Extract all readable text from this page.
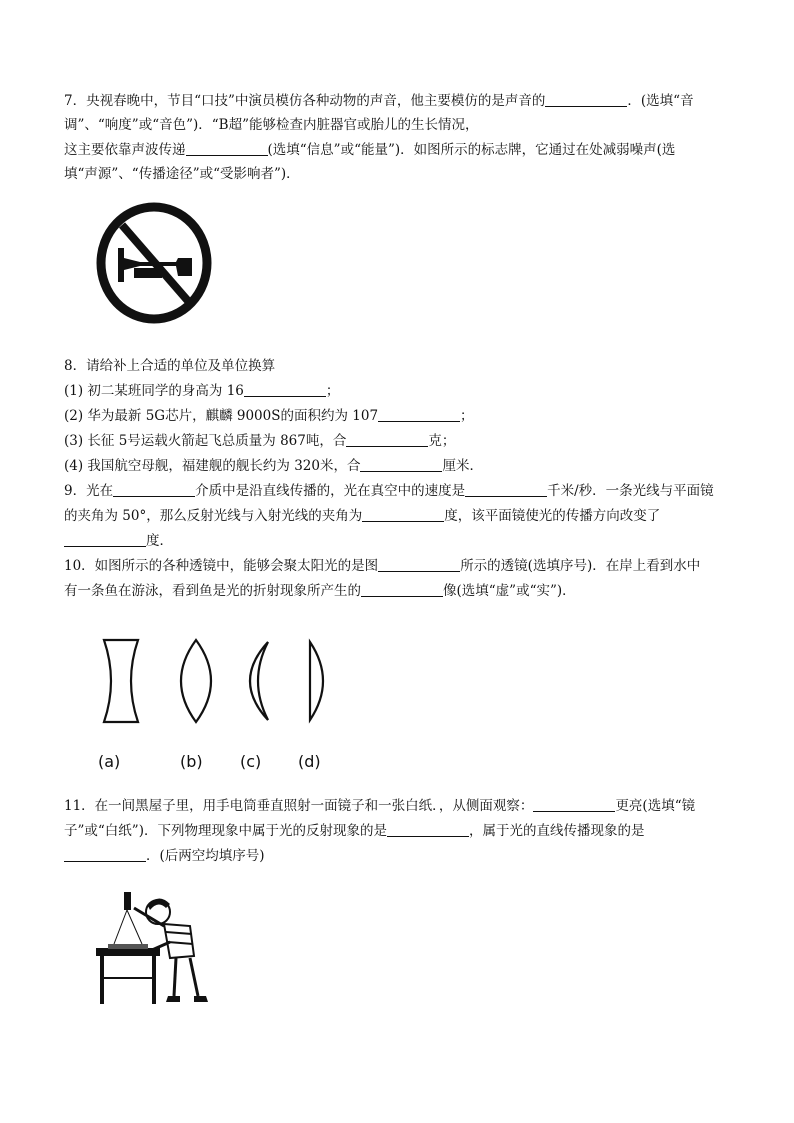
7．央视春晚中，节目“口技”中演员模仿各种动物的声音，他主要模仿的是声音的	．(选填“音
调”、“响度”或“音色”)．“B超”能够检查内脏器官或胎儿的生长情况，
这主要依靠声波传递	(选填“信息”或“能量”)．如图所示的标志牌，它通过在处减弱噪声(选
填“声源”、“传播途径”或“受影响者”)．
8．请给补上合适的单位及单位换算
(1) 初二某班同学的身高为 16	；
(2) 华为最新 5G芯片，麒麟 9000S的面积约为 107	；
(3) 长征 5号运载火箭起飞总质量为 867吨，合	克；
(4) 我国航空母舰，福建舰的舰长约为 320米，合	厘米．
9．光在	介质中是沿直线传播的，光在真空中的速度是	千米/秒．一条光线与平面镜
的夹角为 50°，那么反射光线与入射光线的夹角为	度，该平面镜使光的传播方向改变了
度．
10．如图所示的各种透镜中，能够会聚太阳光的是图	所示的透镜(选填序号)．在岸上看到水中
有一条鱼在游泳，看到鱼是光的折射现象所产生的	像(选填“虚”或“实”)．
(a)	(b) (c) (d)
11．在一间黑屋子里，用手电筒垂直照射一面镜子和一张白纸．，从侧面观察：	更亮(选填“镜
子”或“白纸”)．下列物理现象中属于光的反射现象的是	，属于光的直线传播现象的是
．(后两空均填序号)
